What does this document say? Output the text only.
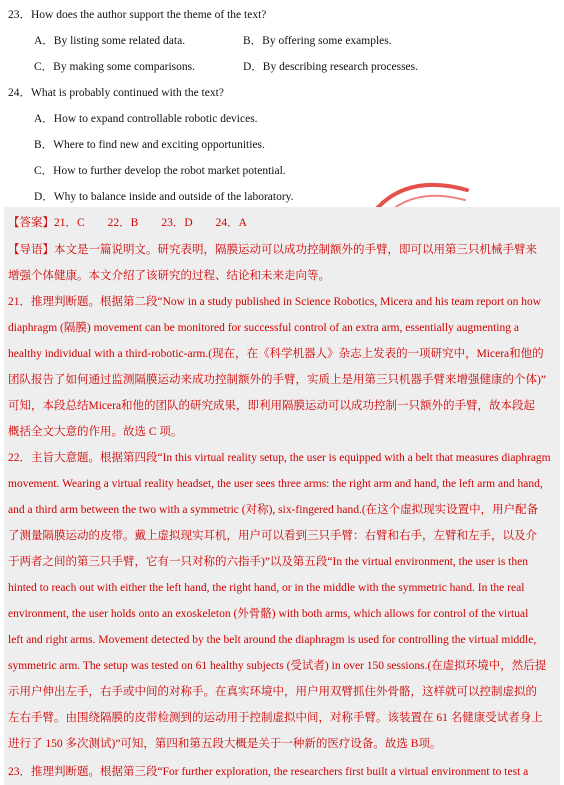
23．How does the author support the theme of the text?
A．By listing some related data.	B．By offering some examples.
C．By making some comparisons.	D．By describing research processes.
24．What is probably continued with the text?
A．How to expand controllable robotic devices.
B．Where to find new and exciting opportunities.
C．How to further develop the robot market potential.
D．Why to balance inside and outside of the laboratory.
【答案】21．C　　22．B　　23．D　　24．A
【导语】本文是一篇说明文。研究表明，隔膜运动可以成功控制额外的手臂，即可以用第三只机械手臂来
增强个体健康。本文介绍了该研究的过程、结论和未来走向等。
21．推理判断题。根据第二段“Now in a study published in Science Robotics, Micera and his team report on how
diaphragm (隔膜) movement can be monitored for successful control of an extra arm, essentially augmenting a
healthy individual with a third-robotic-arm.(现在，在《科学机器人》杂志上发表的一项研究中，Micera和他的
团队报告了如何通过监测隔膜运动来成功控制额外的手臂，实质上是用第三只机器手臂来增强健康的个体)”
可知，本段总结Micera和他的团队的研究成果，即利用隔膜运动可以成功控制一只额外的手臂，故本段起
概括全文大意的作用。故选 C 项。
22．主旨大意题。根据第四段“In this virtual reality setup, the user is equipped with a belt that measures diaphragm
movement. Wearing a virtual reality headset, the user sees three arms: the right arm and hand, the left arm and hand,
and a third arm between the two with a symmetric (对称), six-fingered hand.(在这个虚拟现实设置中，用户配备
了测量隔膜运动的皮带。戴上虚拟现实耳机，用户可以看到三只手臂：右臂和右手，左臂和左手，以及介
于两者之间的第三只手臂，它有一只对称的六指手)”以及第五段“In the virtual environment, the user is then
hinted to reach out with either the left hand, the right hand, or in the middle with the symmetric hand. In the real
environment, the user holds onto an exoskeleton (外骨骼) with both arms, which allows for control of the virtual
left and right arms. Movement detected by the belt around the diaphragm is used for controlling the virtual middle,
symmetric arm. The setup was tested on 61 healthy subjects (受试者) in over 150 sessions.(在虚拟环境中，然后提
示用户伸出左手，右手或中间的对称手。在真实环境中，用户用双臂抓住外骨骼，这样就可以控制虚拟的
左右手臂。由围绕隔膜的皮带检测到的运动用于控制虚拟中间，对称手臂。该装置在 61 名健康受试者身上
进行了 150 多次测试)”可知，第四和第五段大概是关于一种新的医疗设备。故选 B项。
23．推理判断题。根据第三段“For further exploration, the researchers first built a virtual environment to test a
